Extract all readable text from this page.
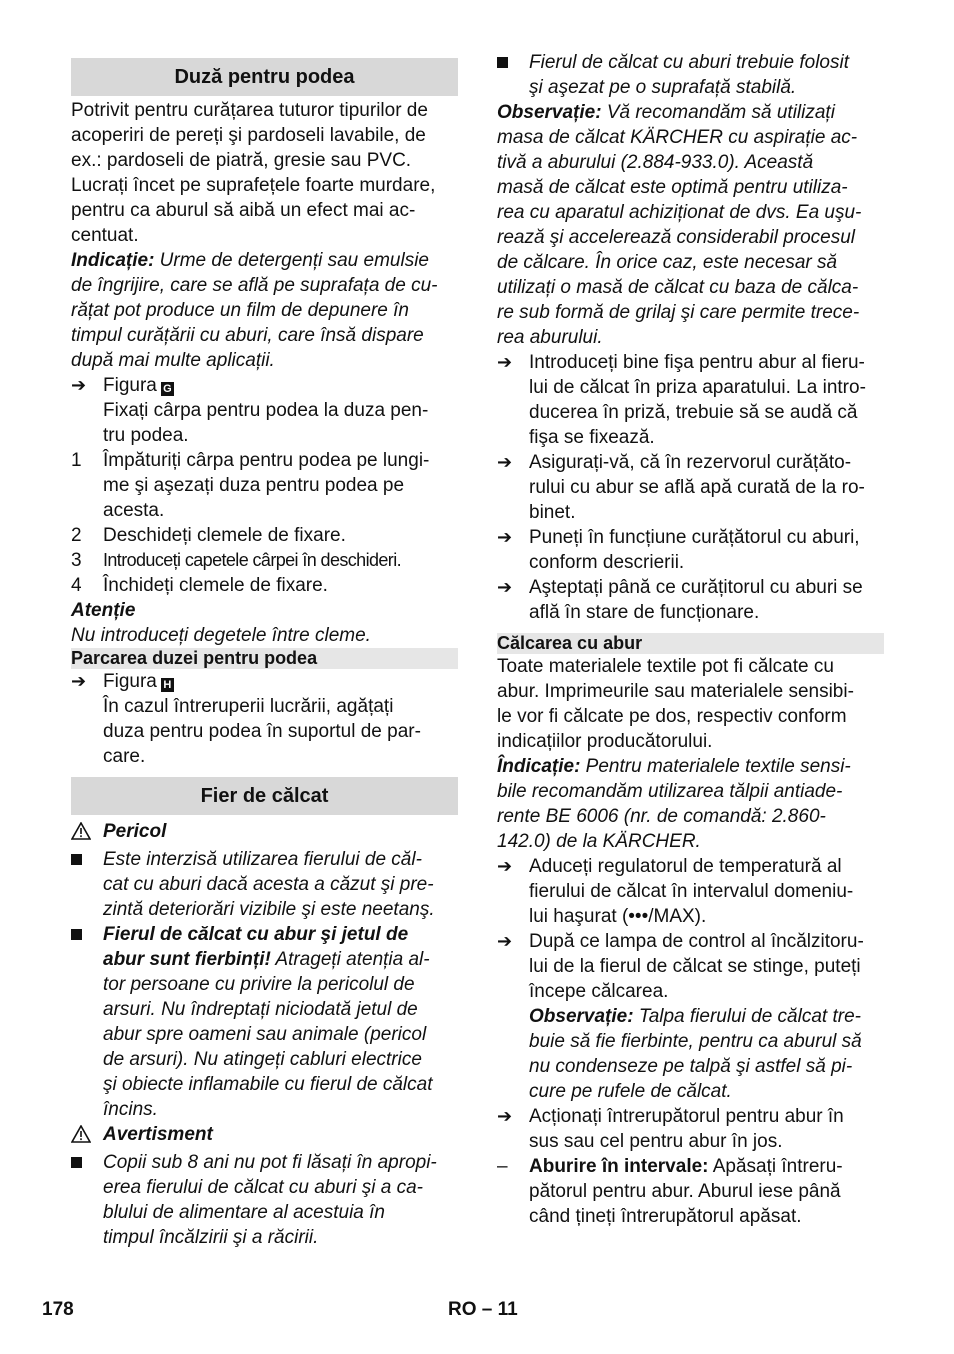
Duză pentru podea

Potrivit pentru curățarea tuturor tipurilor de
acoperiri de pereți şi pardoseli lavabile, de
ex.: pardoseli de piatră, gresie sau PVC.
Lucrați încet pe suprafețele foarte murdare,
pentru ca aburul să aibă un efect mai ac-
centuat.

Indicație: Urme de detergenți sau emulsie
de îngrijire, care se află pe suprafața de cu-
rățat pot produce un film de depunere în
timpul curățării cu aburi, care însă dispare
după mai multe aplicații.

➔ Figura G

Fixați cârpa pentru podea la duza pen-
tru podea.

1	Împăturiți cârpa pentru podea pe lungi-
me şi aşezați duza pentru podea pe
acesta.
2	Deschideți clemele de fixare.
3	Introduceți capetele cârpei în deschideri.
4	Închideți clemele de fixare.

Atenție

Nu introduceți degetele între cleme.

Parcarea duzei pentru podea
➔ Figura H

În cazul întreruperii lucrării, agățați
duza pentru podea în suportul de par-
care.

Fier de călcat
Pericol
Este interzisă utilizarea fierului de căl-
cat cu aburi dacă acesta a căzut şi pre-
zintă deteriorări vizibile şi este neetanş.
Fierul de călcat cu abur şi jetul de
abur sunt fierbinți! Atrageți atenția al-
tor persoane cu privire la pericolul de
arsuri. Nu îndreptați niciodată jetul de
abur spre oameni sau animale (pericol
de arsuri). Nu atingeți cabluri electrice
şi obiecte inflamabile cu fierul de călcat
încins.
Avertisment
Copii sub 8 ani nu pot fi lăsați în apropi-
erea fierului de călcat cu aburi şi a ca-
blului de alimentare al acestuia în
timpul încălzirii şi a răcirii.
Fierul de călcat cu aburi trebuie folosit
şi aşezat pe o suprafață stabilă.

Observație: Vă recomandăm să utilizați
masa de călcat KÄRCHER cu aspirație ac-
tivă a aburului (2.884-933.0). Această
masă de călcat este optimă pentru utiliza-
rea cu aparatul achiziționat de dvs. Ea uşu-
rează şi accelerează considerabil procesul
de călcare. În orice caz, este necesar să
utilizați o masă de călcat cu baza de călca-
re sub formă de grilaj şi care permite trece-
rea aburului.

➔ Introduceți bine fişa pentru abur al fieru-
lui de călcat în priza aparatului. La intro-
ducerea în priză, trebuie să se audă că
fişa se fixează.
➔ Asigurați-vă, că în rezervorul curățăto-
rului cu abur se află apă curată de la ro-
binet.
➔ Puneți în funcțiune curățătorul cu aburi,
conform descrierii.
➔ Aşteptați până ce curățitorul cu aburi se
află în stare de funcționare.
Călcarea cu abur

Toate materialele textile pot fi călcate cu
abur. Imprimeurile sau materialele sensibi-
le vor fi călcate pe dos, respectiv conform
indicațiilor producătorului.

Îndicație: Pentru materialele textile sensi-
bile recomandăm utilizarea tălpii antiade-
rente BE 6006 (nr. de comandă: 2.860-
142.0) de la KÄRCHER.

➔ Aduceți regulatorul de temperatură al
fierului de călcat în intervalul domeniu-
lui haşurat (•••/MAX).
➔ După ce lampa de control al încălzitoru-
lui de la fierul de călcat se stinge, puteți
începe călcarea.

Observație: Talpa fierului de călcat tre-
buie să fie fierbinte, pentru ca aburul să
nu condenseze pe talpă şi astfel să pi-
cure pe rufele de călcat.

➔ Acționați întrerupătorul pentru abur în
sus sau cel pentru abur în jos.
–	Aburire în intervale: Apăsați întreru-
pătorul pentru abur. Aburul iese până
când țineți întrerupătorul apăsat.
178	RO – 11
